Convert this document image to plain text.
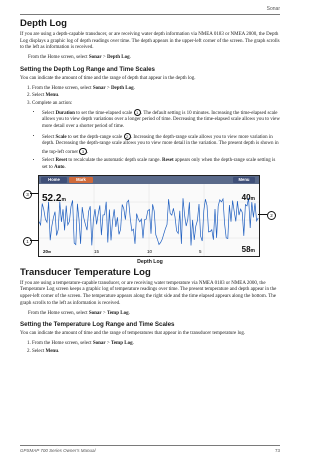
Sonar
Depth Log

If you are using a depth-capable transducer, or are receiving water depth information via NMEA 0183 or NMEA 2000, the Depth Log displays a graphic log of depth readings over time. The depth appears in the upper-left corner of the screen. The graph scrolls to the left as information is received.

From the Home screen, select Sonar > Depth Log.

Setting the Depth Log Range and Time Scales

You can indicate the amount of time and the range of depth that appear in the depth log.

1. From the Home screen, select Sonar > Depth Log.
2. Select Menu.
3. Complete an action:
• Select Duration to set the time-elapsed scale 1 . The default setting is 10 minutes. Increasing the time-elapsed scale allows you to view depth variations over a longer period of time. Decreasing the time-elapsed scale allows you to view more detail over a shorter period of time.
• Select Scale to set the depth-range scale 2 . Increasing the depth-range scale allows you to view more variation in depth. Decreasing the depth-range scale allows you to view more detail in the variation. The present depth is shown in the top-left corner 3 .
• Select Reset to recalculate the automatic depth scale range. Reset appears only when the depth-range scale setting is set to Auto.
Home	Mark	Menu
52.2m	40m
58m
20m	15	10	5
3
2
1
Depth Log
Transducer Temperature Log

If you are using a temperature-capable transducer, or are receiving water temperature via NMEA 0183 or NMEA 2000, the Temperature Log screen keeps a graphic log of temperature readings over time. The present temperature and depth appear in the upper-left corner of the screen. The temperature appears along the right side and the time elapsed appears along the bottom. The graph scrolls to the left as information is received.

From the Home screen, select Sonar > Temp Log.

Setting the Temperature Log Range and Time Scales

You can indicate the amount of time and the range of temperatures that appear in the transducer temperature log.

1. From the Home screen, select Sonar > Temp Log.
2. Select Menu.
GPSMAP 700 Series Owner's Manual	73
